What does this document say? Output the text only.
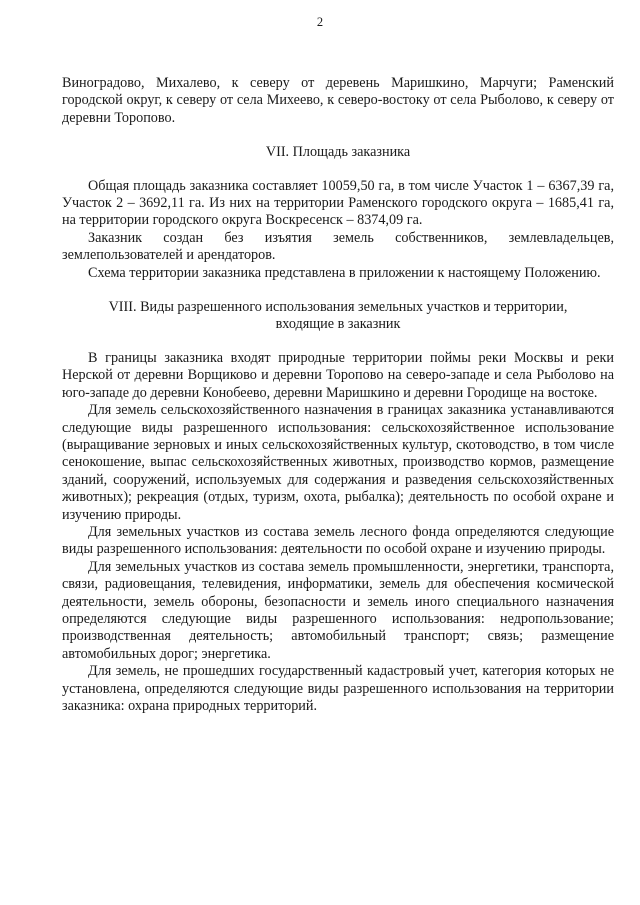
2

Виноградово, Михалево, к северу от деревень Маришкино, Марчуги; Раменский городской округ, к северу от села Михеево, к северо-востоку от села Рыболово, к северу от деревни Торопово.

VII. Площадь заказника

Общая площадь заказника составляет 10059,50 га, в том числе Участок 1 – 6367,39 га, Участок 2 – 3692,11 га. Из них на территории Раменского городского округа – 1685,41 га, на территории городского округа Воскресенск – 8374,09 га.

Заказник создан без изъятия земель собственников, землевладельцев, землепользователей и арендаторов.

Схема территории заказника представлена в приложении к настоящему Положению.

VIII. Виды разрешенного использования земельных участков и территории, входящие в заказник

В границы заказника входят природные территории поймы реки Москвы и реки Нерской от деревни Ворщиково и деревни Торопово на северо-западе и села Рыболово на юго-западе до деревни Конобеево, деревни Маришкино и деревни Городище на востоке.

Для земель сельскохозяйственного назначения в границах заказника устанавливаются следующие виды разрешенного использования: сельскохозяйственное использование (выращивание зерновых и иных сельскохозяйственных культур, скотоводство, в том числе сенокошение, выпас сельскохозяйственных животных, производство кормов, размещение зданий, сооружений, используемых для содержания и разведения сельскохозяйственных животных); рекреация (отдых, туризм, охота, рыбалка); деятельность по особой охране и изучению природы.

Для земельных участков из состава земель лесного фонда определяются следующие виды разрешенного использования: деятельности по особой охране и изучению природы.

Для земельных участков из состава земель промышленности, энергетики, транспорта, связи, радиовещания, телевидения, информатики, земель для обеспечения космической деятельности, земель обороны, безопасности и земель иного специального назначения определяются следующие виды разрешенного использования: недропользование; производственная деятельность; автомобильный транспорт; связь; размещение автомобильных дорог; энергетика.

Для земель, не прошедших государственный кадастровый учет, категория которых не установлена, определяются следующие виды разрешенного использования на территории заказника: охрана природных территорий.
